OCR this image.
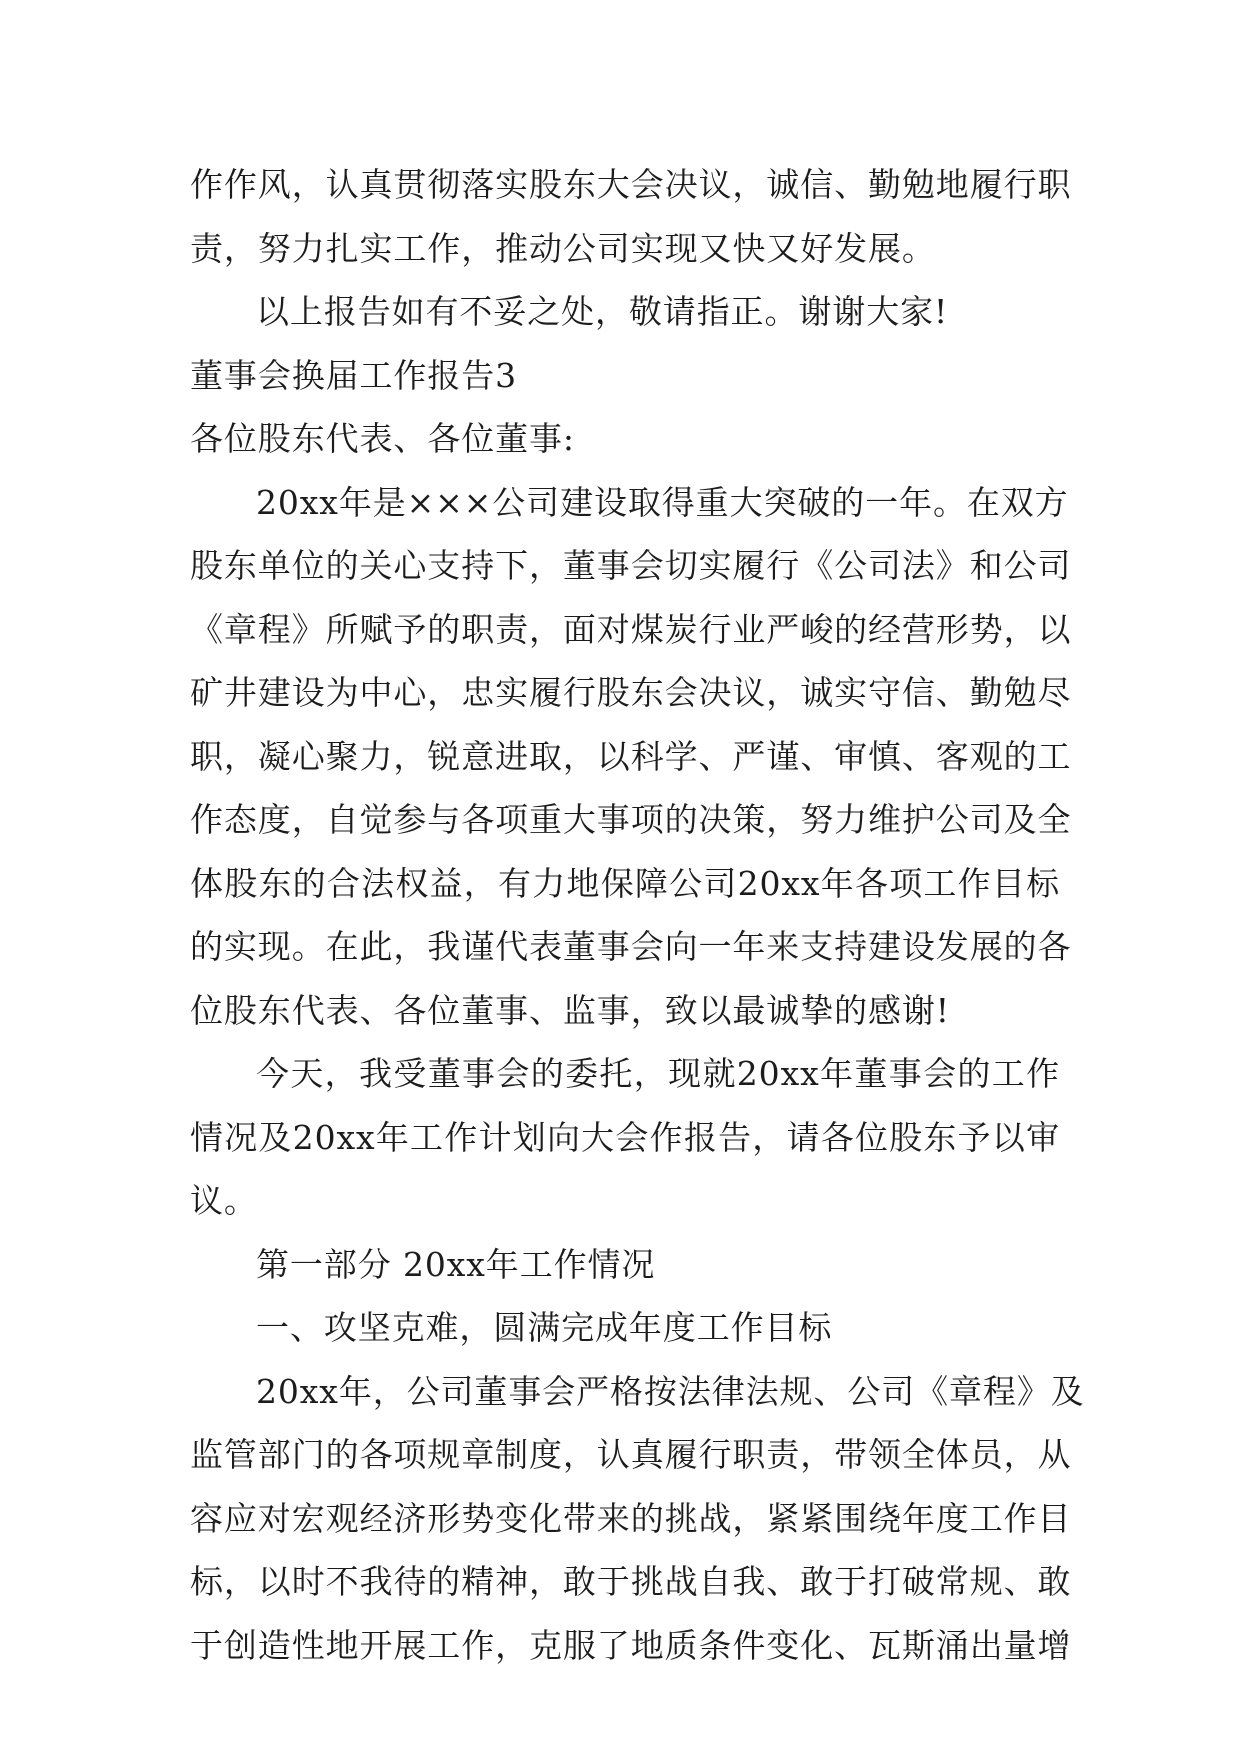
作作风，认真贯彻落实股东大会决议，诚信、勤勉地履行职
责，努力扎实工作，推动公司实现又快又好发展。
以上报告如有不妥之处，敬请指正。谢谢大家!
董事会换届工作报告3
各位股东代表、各位董事:
20xx年是×××公司建设取得重大突破的一年。在双方
股东单位的关心支持下，董事会切实履行《公司法》和公司
《章程》所赋予的职责，面对煤炭行业严峻的经营形势，以
矿井建设为中心，忠实履行股东会决议，诚实守信、勤勉尽
职，凝心聚力，锐意进取，以科学、严谨、审慎、客观的工
作态度，自觉参与各项重大事项的决策，努力维护公司及全
体股东的合法权益，有力地保障公司20xx年各项工作目标
的实现。在此，我谨代表董事会向一年来支持建设发展的各
位股东代表、各位董事、监事，致以最诚挚的感谢!
今天，我受董事会的委托，现就20xx年董事会的工作
情况及20xx年工作计划向大会作报告，请各位股东予以审
议。
第一部分 20xx年工作情况
一、攻坚克难，圆满完成年度工作目标
20xx年，公司董事会严格按法律法规、公司《章程》及
监管部门的各项规章制度，认真履行职责，带领全体员，从
容应对宏观经济形势变化带来的挑战，紧紧围绕年度工作目
标，以时不我待的精神，敢于挑战自我、敢于打破常规、敢
于创造性地开展工作，克服了地质条件变化、瓦斯涌出量增
